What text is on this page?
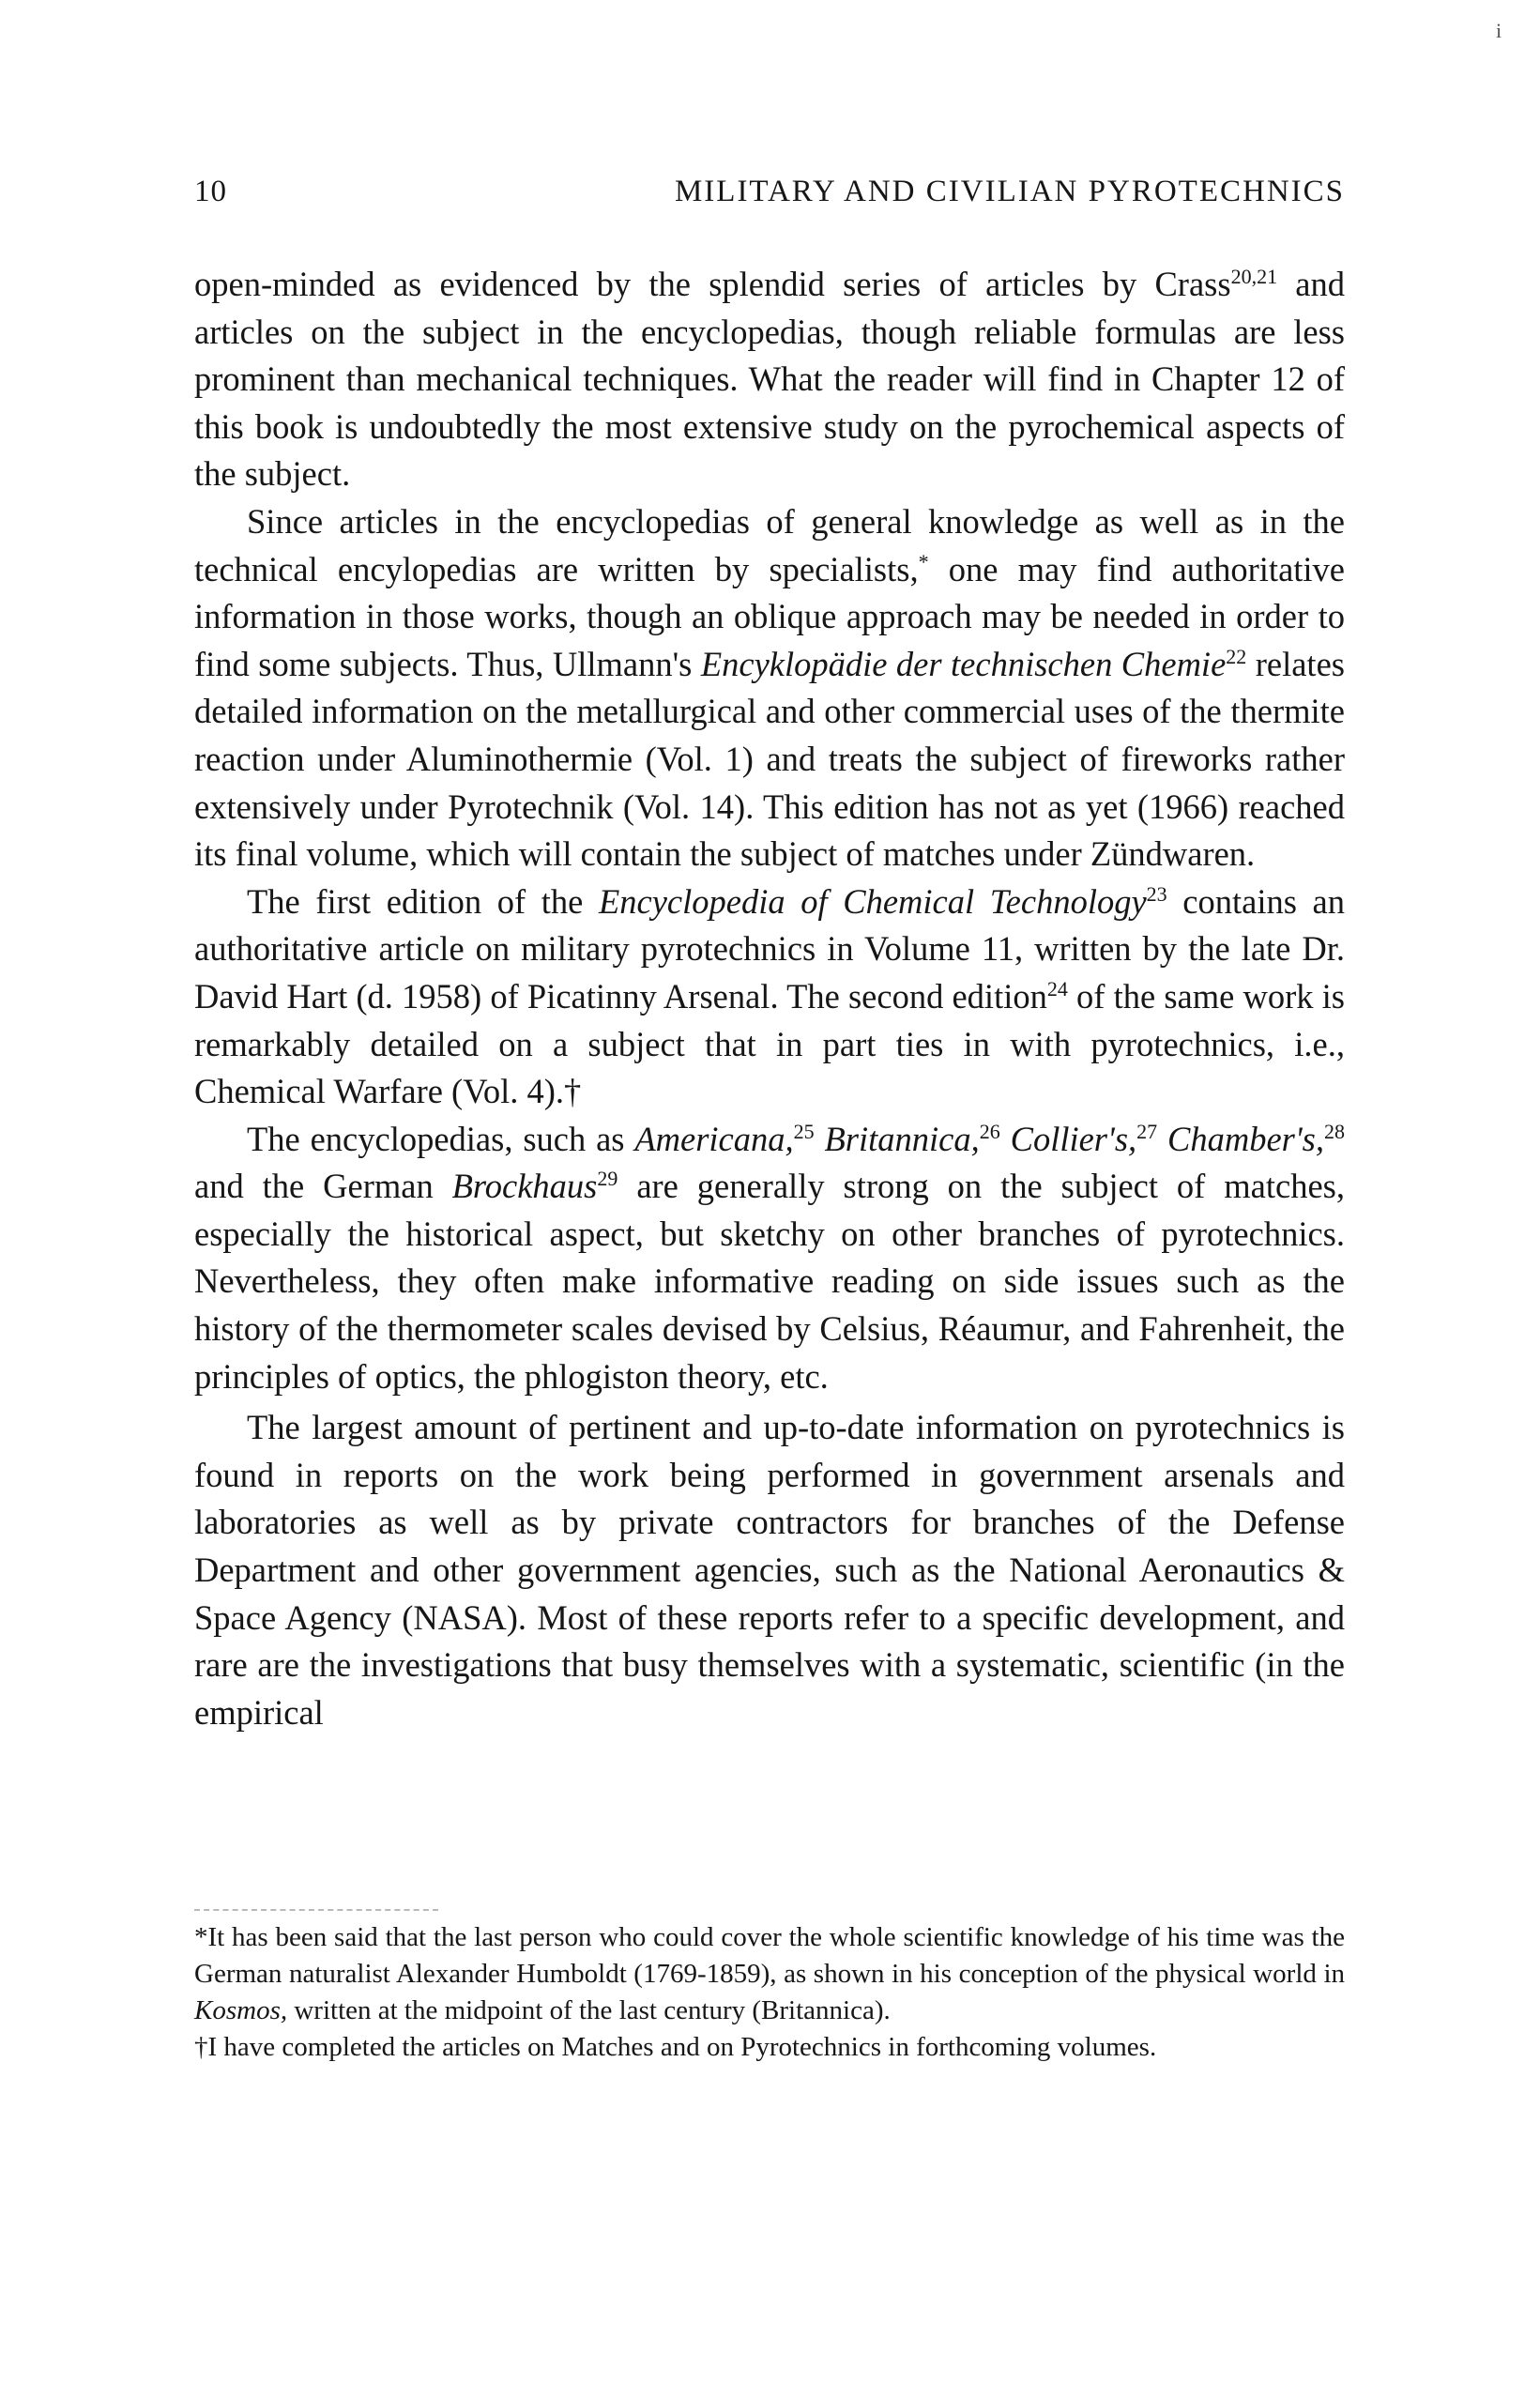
i
10	MILITARY AND CIVILIAN PYROTECHNICS

open-minded as evidenced by the splendid series of articles by Crass$^{20,21}$ and articles on the subject in the encyclopedias, though reliable formulas are less prominent than mechanical techniques. What the reader will find in Chapter 12 of this book is undoubtedly the most extensive study on the pyrochemical aspects of the subject.

Since articles in the encyclopedias of general knowledge as well as in the technical encylopedias are written by specialists,* one may find authoritative information in those works, though an oblique approach may be needed in order to find some subjects. Thus, Ullmann's Encyklopädie der technischen Chemie$^{22}$ relates detailed information on the metallurgical and other commercial uses of the thermite reaction under Aluminothermie (Vol. 1) and treats the subject of fireworks rather extensively under Pyrotechnik (Vol. 14). This edition has not as yet (1966) reached its final volume, which will contain the subject of matches under Zündwaren.

The first edition of the Encyclopedia of Chemical Technology$^{23}$ contains an authoritative article on military pyrotechnics in Volume 11, written by the late Dr. David Hart (d. 1958) of Picatinny Arsenal. The second edition$^{24}$ of the same work is remarkably detailed on a subject that in part ties in with pyrotechnics, i.e., Chemical Warfare (Vol. 4).†

The encyclopedias, such as Americana,$^{25}$ Britannica,$^{26}$ Collier's,$^{27}$ Chamber's,$^{28}$ and the German Brockhaus$^{29}$ are generally strong on the subject of matches, especially the historical aspect, but sketchy on other branches of pyrotechnics. Nevertheless, they often make informative reading on side issues such as the history of the thermometer scales devised by Celsius, Réaumur, and Fahrenheit, the principles of optics, the phlogiston theory, etc.

The largest amount of pertinent and up-to-date information on pyrotechnics is found in reports on the work being performed in government arsenals and laboratories as well as by private contractors for branches of the Defense Department and other government agencies, such as the National Aeronautics & Space Agency (NASA). Most of these reports refer to a specific development, and rare are the investigations that busy themselves with a systematic, scientific (in the empirical

*It has been said that the last person who could cover the whole scientific knowledge of his time was the German naturalist Alexander Humboldt (1769-1859), as shown in his conception of the physical world in Kosmos, written at the midpoint of the last century (Britannica).

†I have completed the articles on Matches and on Pyrotechnics in forthcoming volumes.
